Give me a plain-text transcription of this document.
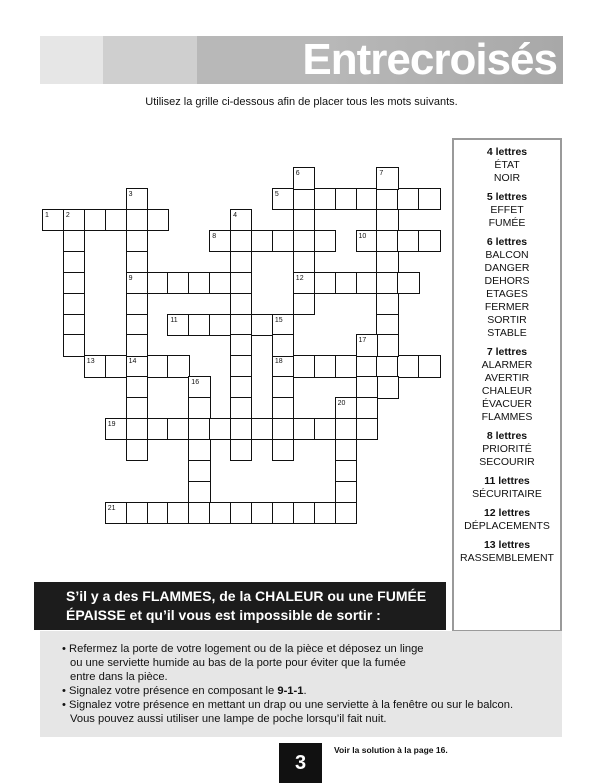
Entrecroisés
Utilisez la grille ci-dessous afin de placer tous les mots suivants.
1 2
3
4
5
6	7
8
9
10
11
12
13	14
15
16
17
18
19
20
21
4 lettres
ÉTAT
NOIR
5 lettres
EFFET
FUMÉE
6 lettres
BALCON
DANGER
DEHORS
ETAGES
FERMER
SORTIR
STABLE
7 lettres
ALARMER
AVERTIR
CHALEUR
ÉVACUER
FLAMMES
8 lettres
PRIORITÉ
SECOURIR
11 lettres
SÉCURITAIRE
12 lettres
DÉPLACEMENTS
13 lettres
RASSEMBLEMENT
S’il y a des FLAMMES, de la CHALEUR ou une FUMÉE
ÉPAISSE et qu’il vous est impossible de sortir :
• Refermez la porte de votre logement ou de la pièce et déposez un linge
ou une serviette humide au bas de la porte pour éviter que la fumée
entre dans la pièce.
• Signalez votre présence en composant le 9-1-1.
• Signalez votre présence en mettant un drap ou une serviette à la fenêtre ou sur le balcon.
Vous pouvez aussi utiliser une lampe de poche lorsqu’il fait nuit.
3
Voir la solution à la page 16.
